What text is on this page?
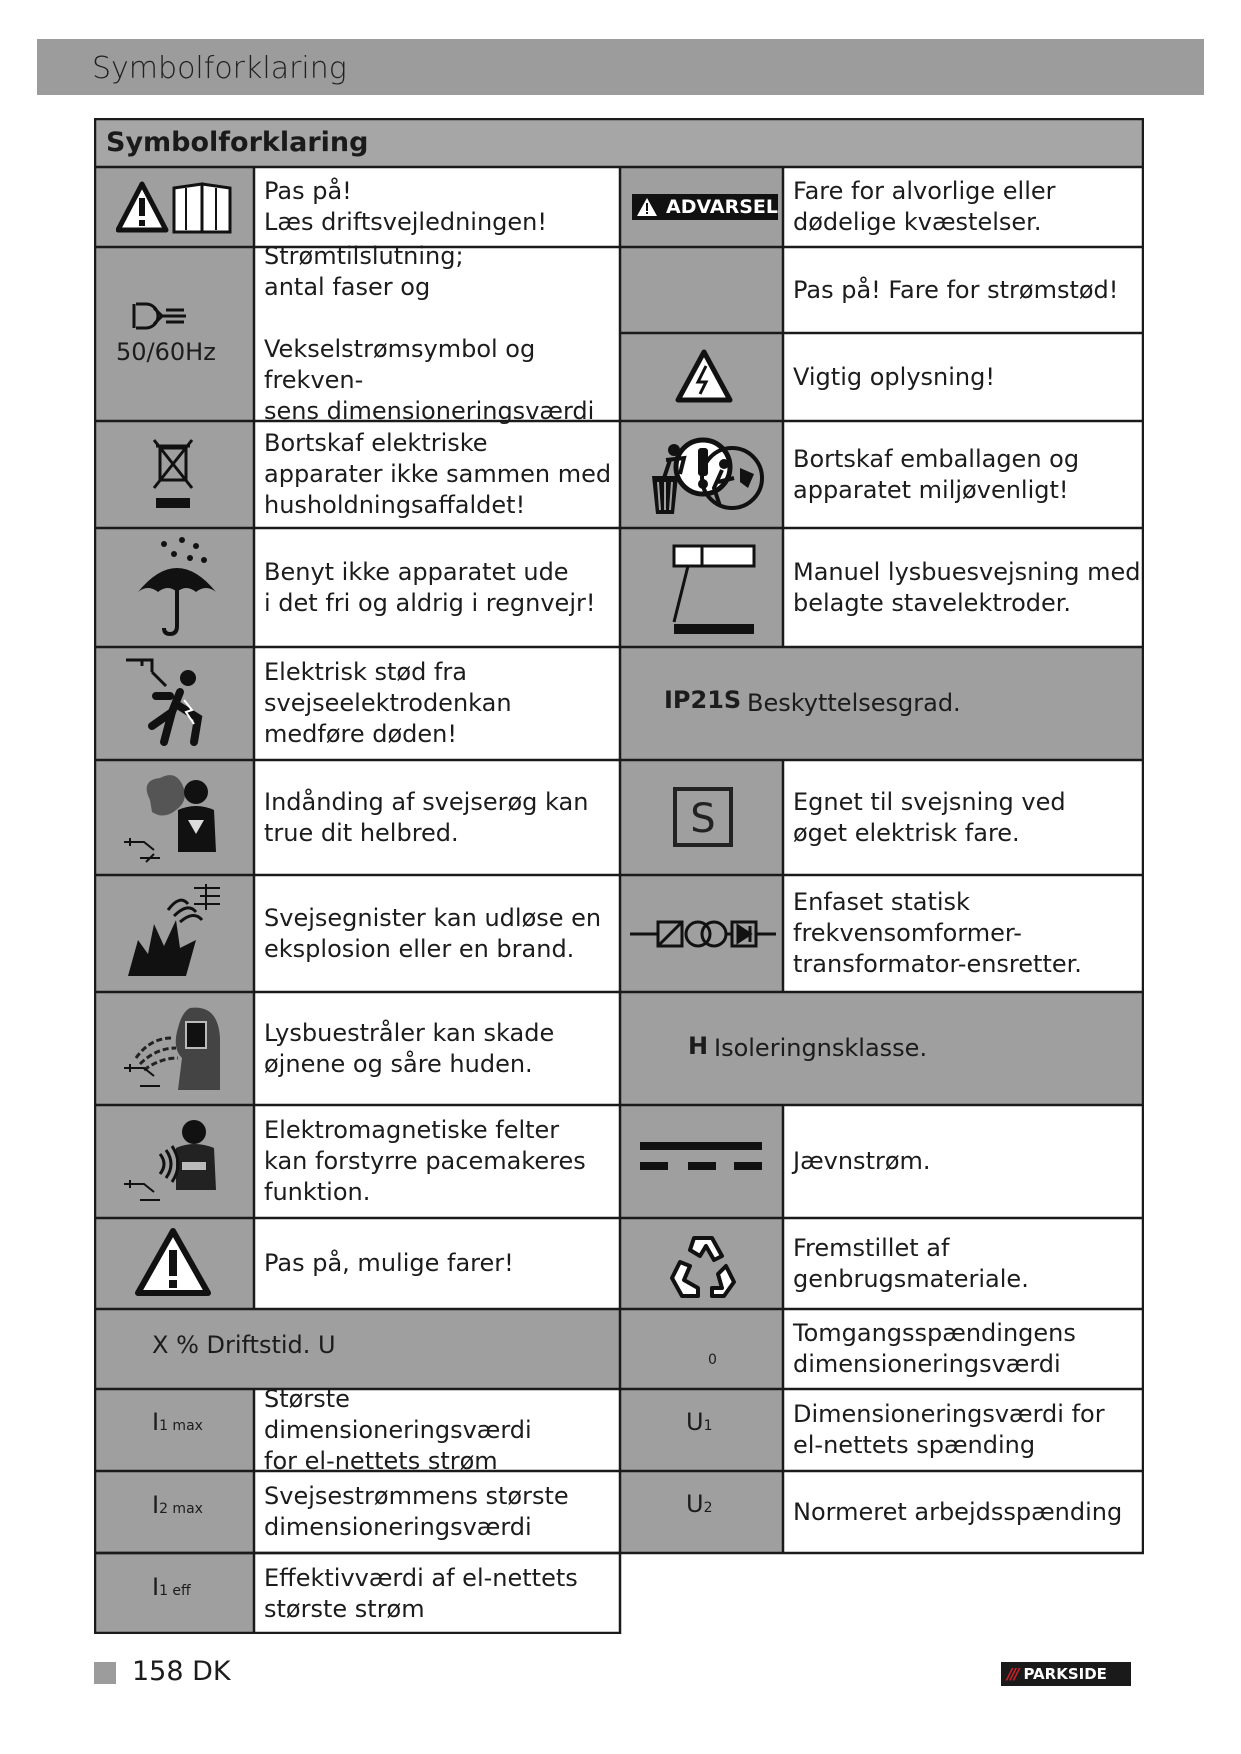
Symbolforklaring
Symbolforklaring
50/60Hz
X % Driftstid. U
I1 max
I2 max
I1 eff
Pas på!
Læs driftsvejledningen!
Strømtilslutning;
antal faser og

Vekselstrømsymbol og frekven-
sens dimensioneringsværdi
Bortskaf elektriske
apparater ikke sammen med
husholdningsaffaldet!
Benyt ikke apparatet ude
i det fri og aldrig i regnvejr!
Elektrisk stød fra
svejseelektrodenkan
medføre døden!
Indånding af svejserøg kan
true dit helbred.
Svejsegnister kan udløse en
eksplosion eller en brand.
Lysbuestråler kan skade
øjnene og såre huden.
Elektromagnetiske felter
kan forstyrre pacemakeres
funktion.
Pas på, mulige farer!
Største dimensioneringsværdi
for el-nettets strøm
Svejsestrømmens største
dimensioneringsværdi
Effektivværdi af el-nettets
største strøm
ADVARSEL
IP21S
S
H
0
U1
U2
Fare for alvorlige eller
dødelige kvæstelser.
Pas på! Fare for strømstød!
Vigtig oplysning!
Bortskaf emballagen og
apparatet miljøvenligt!
Manuel lysbuesvejsning med
belagte stavelektroder.
Beskyttelsesgrad.
Egnet til svejsning ved
øget elektrisk fare.
Enfaset statisk
frekvensomformer-
transformator-ensretter.
Isoleringnsklasse.
Jævnstrøm.
Fremstillet af
genbrugsmateriale.
Tomgangsspændingens
dimensioneringsværdi
Dimensioneringsværdi for
el-nettets spænding
Normeret arbejdsspænding
158 DK	/// PARKSIDE
